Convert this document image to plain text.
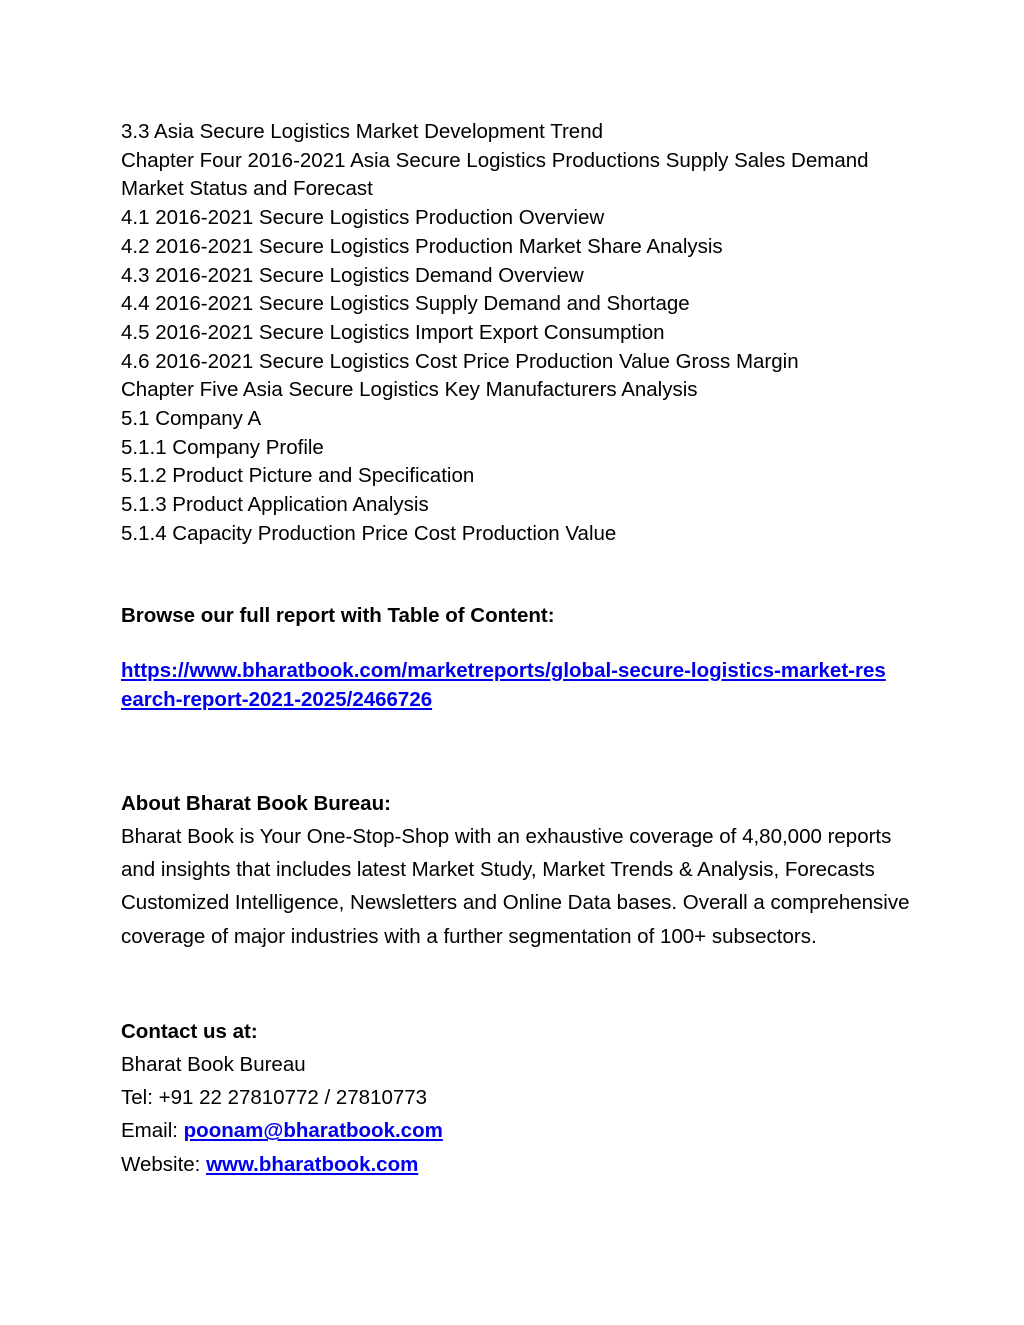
3.3 Asia Secure Logistics Market Development Trend
Chapter Four 2016-2021 Asia Secure Logistics Productions Supply Sales Demand Market Status and Forecast
4.1 2016-2021 Secure Logistics Production Overview
4.2 2016-2021 Secure Logistics Production Market Share Analysis
4.3 2016-2021 Secure Logistics Demand Overview
4.4 2016-2021 Secure Logistics Supply Demand and Shortage
4.5 2016-2021 Secure Logistics Import Export Consumption
4.6 2016-2021 Secure Logistics Cost Price Production Value Gross Margin
Chapter Five Asia Secure Logistics Key Manufacturers Analysis
5.1 Company A
5.1.1 Company Profile
5.1.2 Product Picture and Specification
5.1.3 Product Application Analysis
5.1.4 Capacity Production Price Cost Production Value
Browse our full report with Table of Content:
https://www.bharatbook.com/marketreports/global-secure-logistics-market-research-report-2021-2025/2466726
About Bharat Book Bureau:
Bharat Book is Your One-Stop-Shop with an exhaustive coverage of 4,80,000 reports and insights that includes latest Market Study, Market Trends & Analysis, Forecasts Customized Intelligence, Newsletters and Online Data bases. Overall a comprehensive coverage of major industries with a further segmentation of 100+ subsectors.
Contact us at:
Bharat Book Bureau
Tel: +91 22 27810772 / 27810773
Email: poonam@bharatbook.com
Website: www.bharatbook.com
